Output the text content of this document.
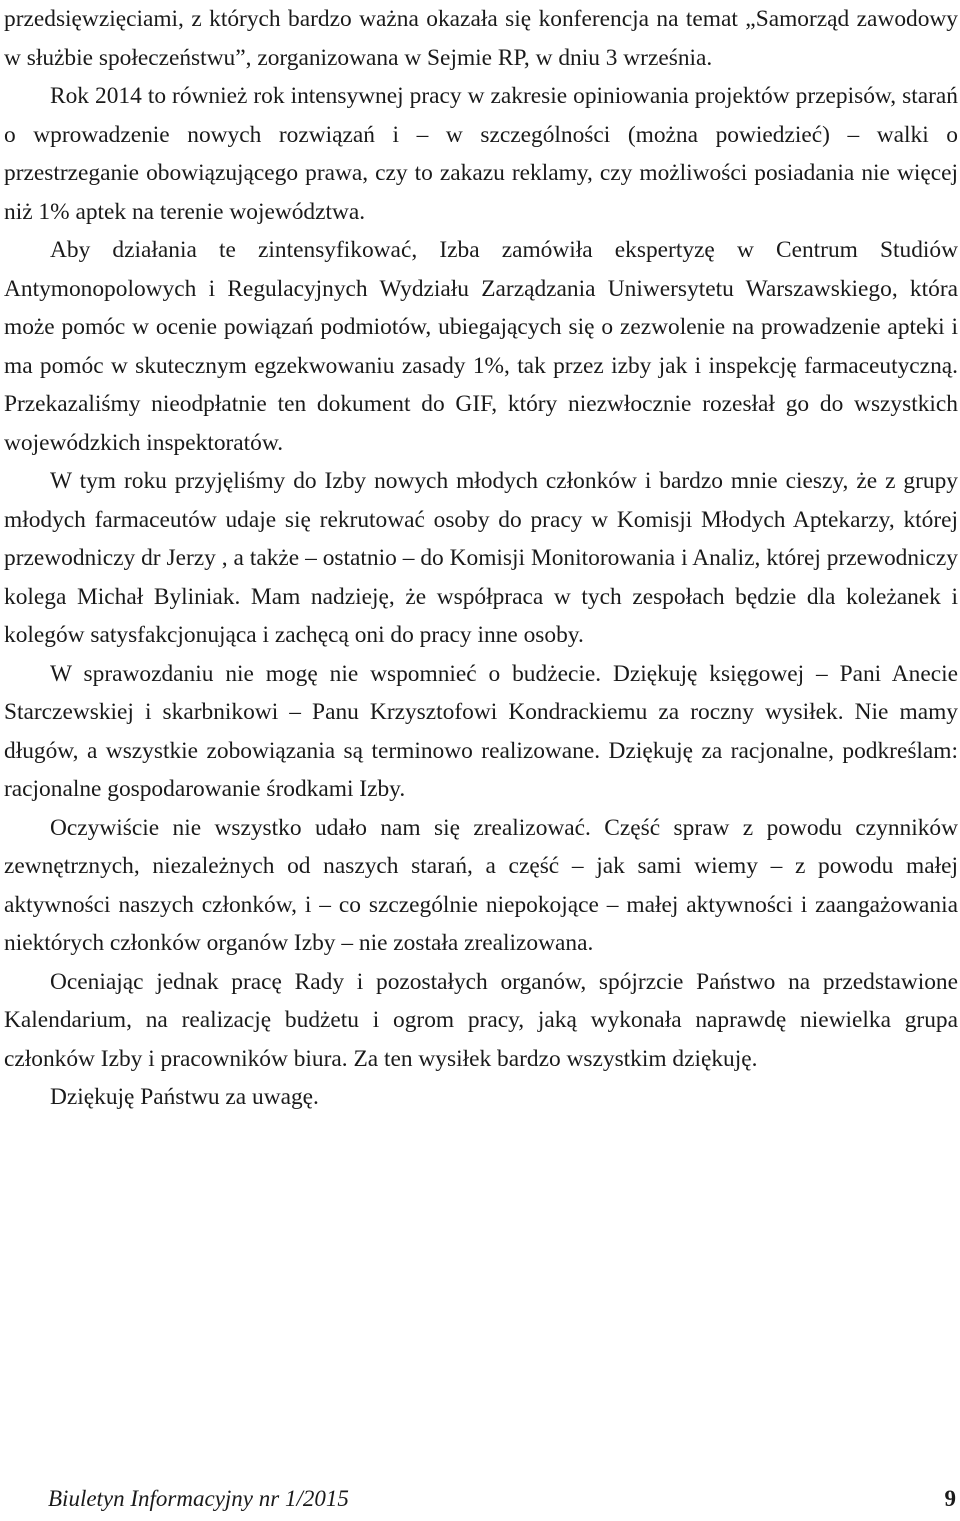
przedsięwzięciami, z których bardzo ważna okazała się konferencja na temat „Samorząd zawodowy w służbie społeczeństwu”, zorganizowana w Sejmie RP, w dniu 3 września.

Rok 2014 to również rok intensywnej pracy w zakresie opiniowania projektów przepisów, starań o wprowadzenie nowych rozwiązań i – w szczególności (można powiedzieć) – walki o przestrzeganie obowiązującego prawa, czy to zakazu reklamy, czy możliwości posiadania nie więcej niż 1% aptek na terenie województwa.

Aby działania te zintensyfikować, Izba zamówiła ekspertyzę w Centrum Studiów Antymonopolowych i Regulacyjnych Wydziału Zarządzania Uniwersytetu Warszawskiego, która może pomóc w ocenie powiązań podmiotów, ubiegających się o zezwolenie na prowadzenie apteki i ma pomóc w skutecznym egzekwowaniu zasady 1%, tak przez izby jak i inspekcję farmaceutyczną. Przekazaliśmy nieodpłatnie ten dokument do GIF, który niezwłocznie rozesłał go do wszystkich wojewódzkich inspektoratów.

W tym roku przyjęliśmy do Izby nowych młodych członków i bardzo mnie cieszy, że z grupy młodych farmaceutów udaje się rekrutować osoby do pracy w Komisji Młodych Aptekarzy, której przewodniczy dr Jerzy , a także – ostatnio – do Komisji Monitorowania i Analiz, której przewodniczy kolega Michał Byliniak. Mam nadzieję, że współpraca w tych zespołach będzie dla koleżanek i kolegów satysfakcjonująca i zachęcą oni do pracy inne osoby.

W sprawozdaniu nie mogę nie wspomnieć o budżecie. Dziękuję księgowej – Pani Anecie Starczewskiej i skarbnikowi – Panu Krzysztofowi Kondrackiemu za roczny wysiłek. Nie mamy długów, a wszystkie zobowiązania są terminowo realizowane. Dziękuję za racjonalne, podkreślam: racjonalne gospodarowanie środkami Izby.

Oczywiście nie wszystko udało nam się zrealizować. Część spraw z powodu czynników zewnętrznych, niezależnych od naszych starań, a część – jak sami wiemy – z powodu małej aktywności naszych członków, i – co szczególnie niepokojące – małej aktywności i zaangażowania niektórych członków organów Izby – nie została zrealizowana.

Oceniając jednak pracę Rady i pozostałych organów, spójrzcie Państwo na przedstawione Kalendarium, na realizację budżetu i ogrom pracy, jaką wykonała naprawdę niewielka grupa członków Izby i pracowników biura. Za ten wysiłek bardzo wszystkim dziękuję.

Dziękuję Państwu za uwagę.

Biuletyn Informacyjny nr 1/2015	9
